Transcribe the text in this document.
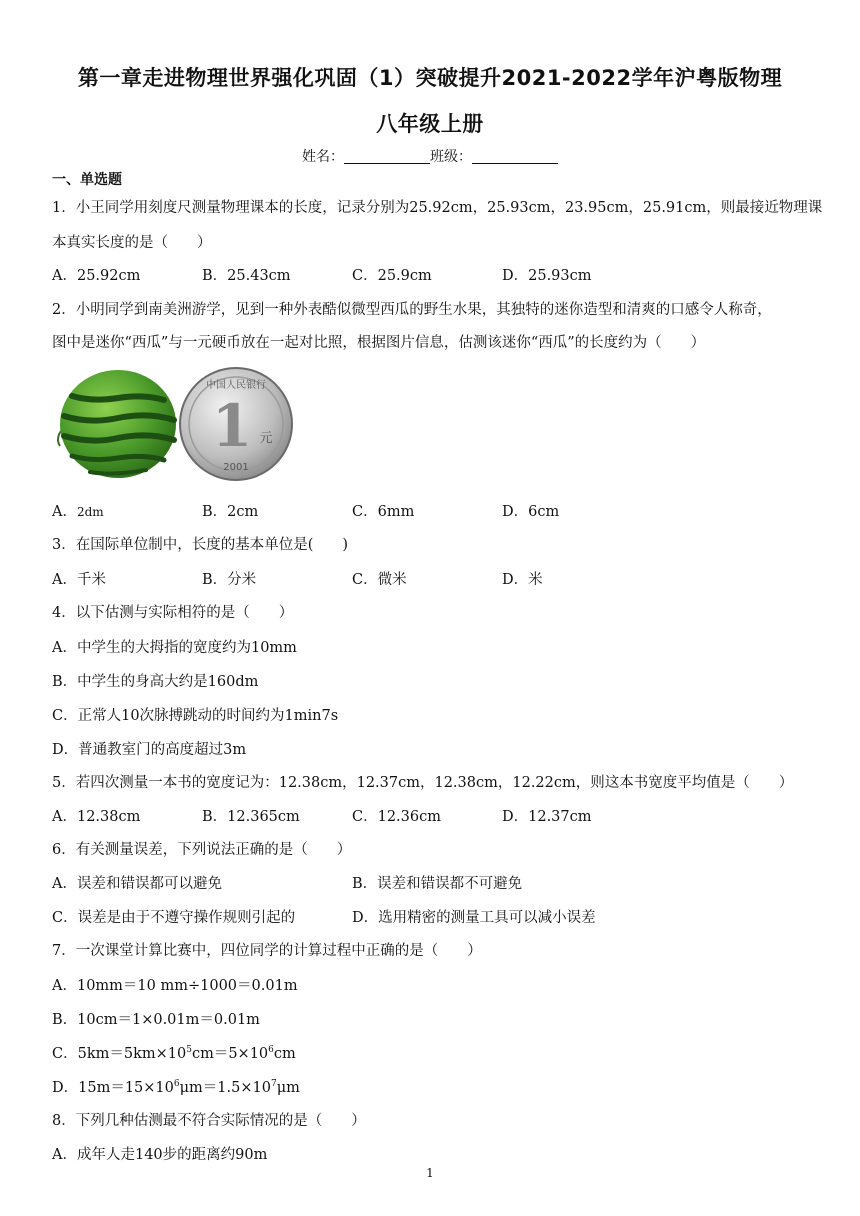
第一章走进物理世界强化巩固（1）突破提升2021-2022学年沪粤版物理
八年级上册
姓名：	班级：
一、单选题
1．小王同学用刻度尺测量物理课本的长度，记录分别为25.92cm，25.93cm，23.95cm，25.91cm，则最接近物理课
本真实长度的是（　　）
A．25.92cm	B．25.43cm	C．25.9cm	D．25.93cm
2．小明同学到南美洲游学，见到一种外表酷似微型西瓜的野生水果，其独特的迷你造型和清爽的口感令人称奇，
图中是迷你“西瓜”与一元硬币放在一起对比照，根据图片信息，估测该迷你“西瓜”的长度约为（　　）
中国人民银行
1 元
2001
A．2dm	B．2cm	C．6mm	D．6cm
3．在国际单位制中，长度的基本单位是(　　)
A．千米	B．分米	C．微米	D．米
4．以下估测与实际相符的是（　　）
A．中学生的大拇指的宽度约为10mm
B．中学生的身高大约是160dm
C．正常人10次脉搏跳动的时间约为1min7s
D．普通教室门的高度超过3m
5．若四次测量一本书的宽度记为：12.38cm，12.37cm，12.38cm，12.22cm，则这本书宽度平均值是（　　）
A．12.38cm	B．12.365cm	C．12.36cm	D．12.37cm
6．有关测量误差，下列说法正确的是（　　）
A．误差和错误都可以避免	B．误差和错误都不可避免
C．误差是由于不遵守操作规则引起的	D．选用精密的测量工具可以减小误差
7．一次课堂计算比赛中，四位同学的计算过程中正确的是（　　）
A．10mm＝10 mm÷1000＝0.01m
B．10cm＝1×0.01m＝0.01m
C．$5km=5km\times 10^5cm=5\times 10^6cm$
D．$15m=15\times 10^6\mu m=1.5\times 10^7\mu m$
8．下列几种估测最不符合实际情况的是（　　）
A．成年人走140步的距离约90m
1
